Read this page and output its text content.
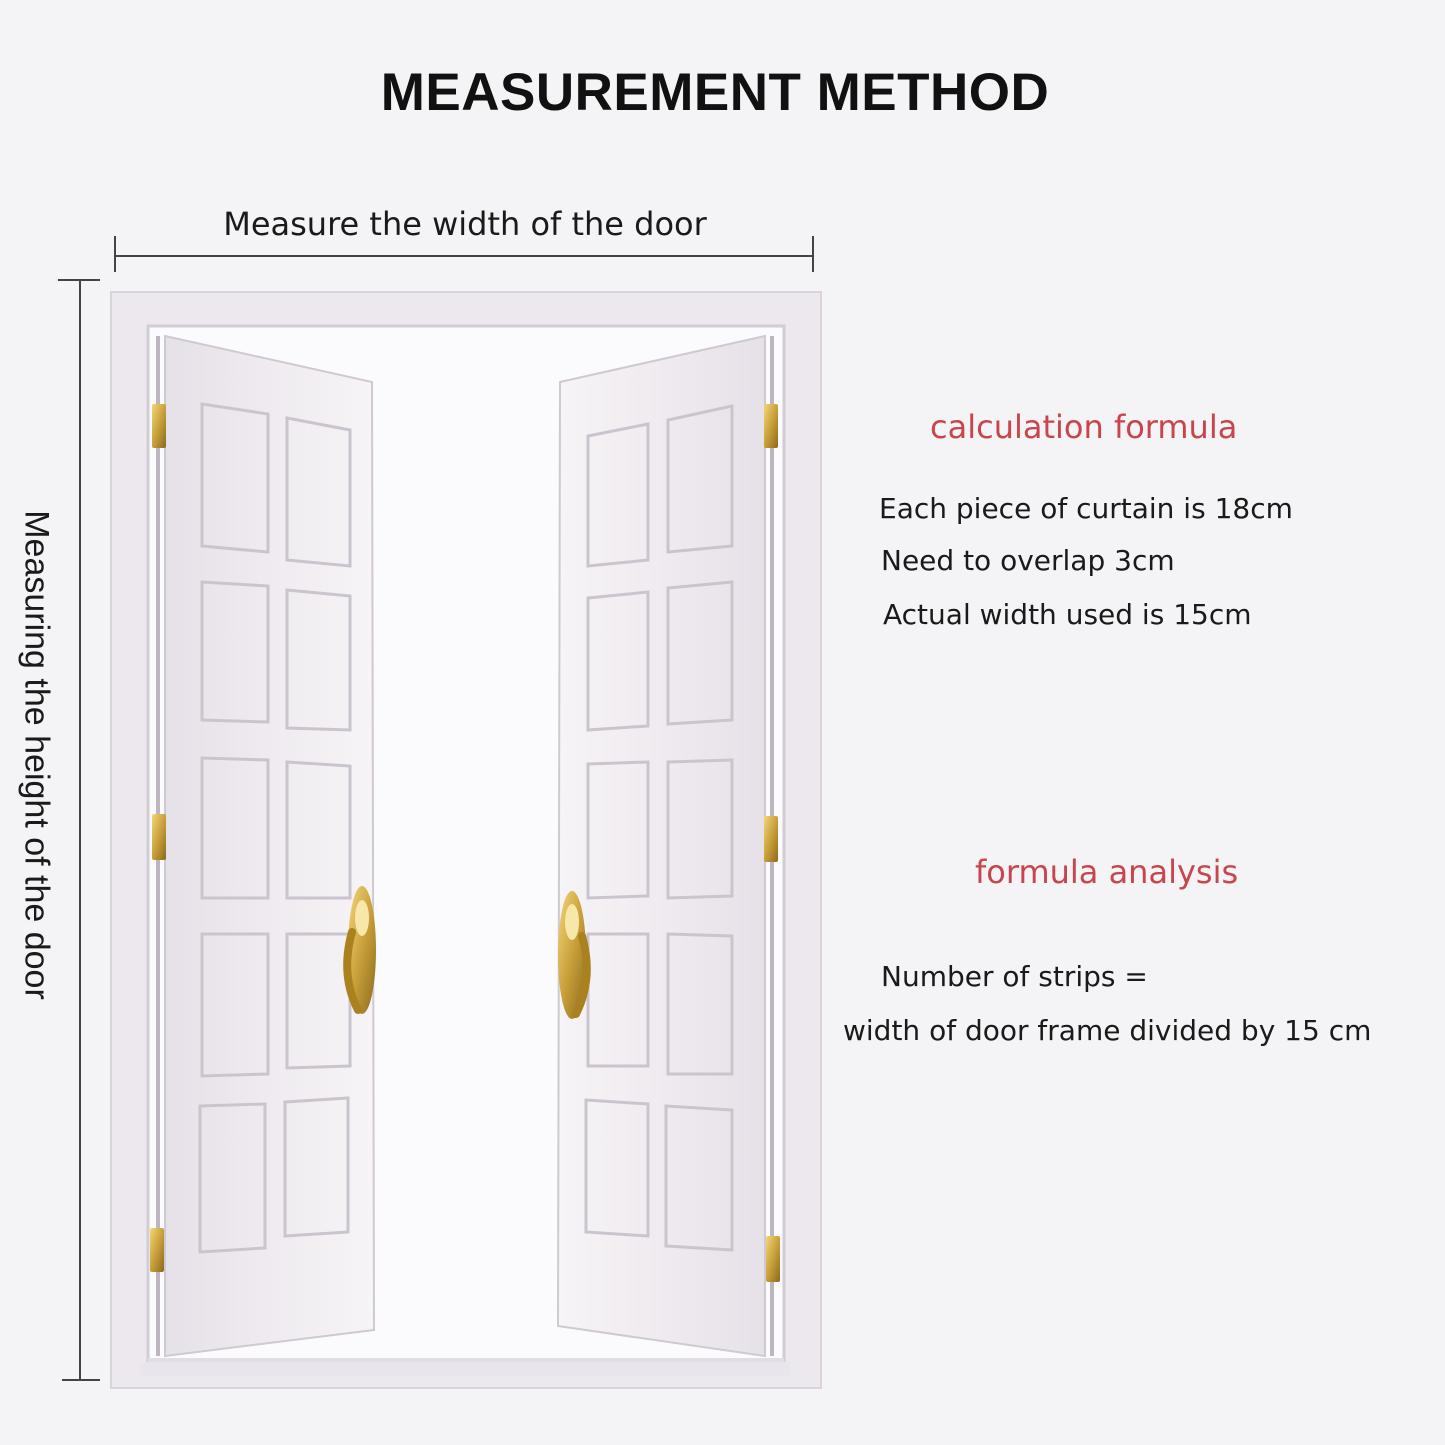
MEASUREMENT METHOD
Measure the width of the door
Measuring the height of the door
calculation formula
Each piece of curtain is 18cm
Need to overlap 3cm
Actual width used is 15cm
formula analysis
Number of strips =
width of door frame divided by 15 cm
